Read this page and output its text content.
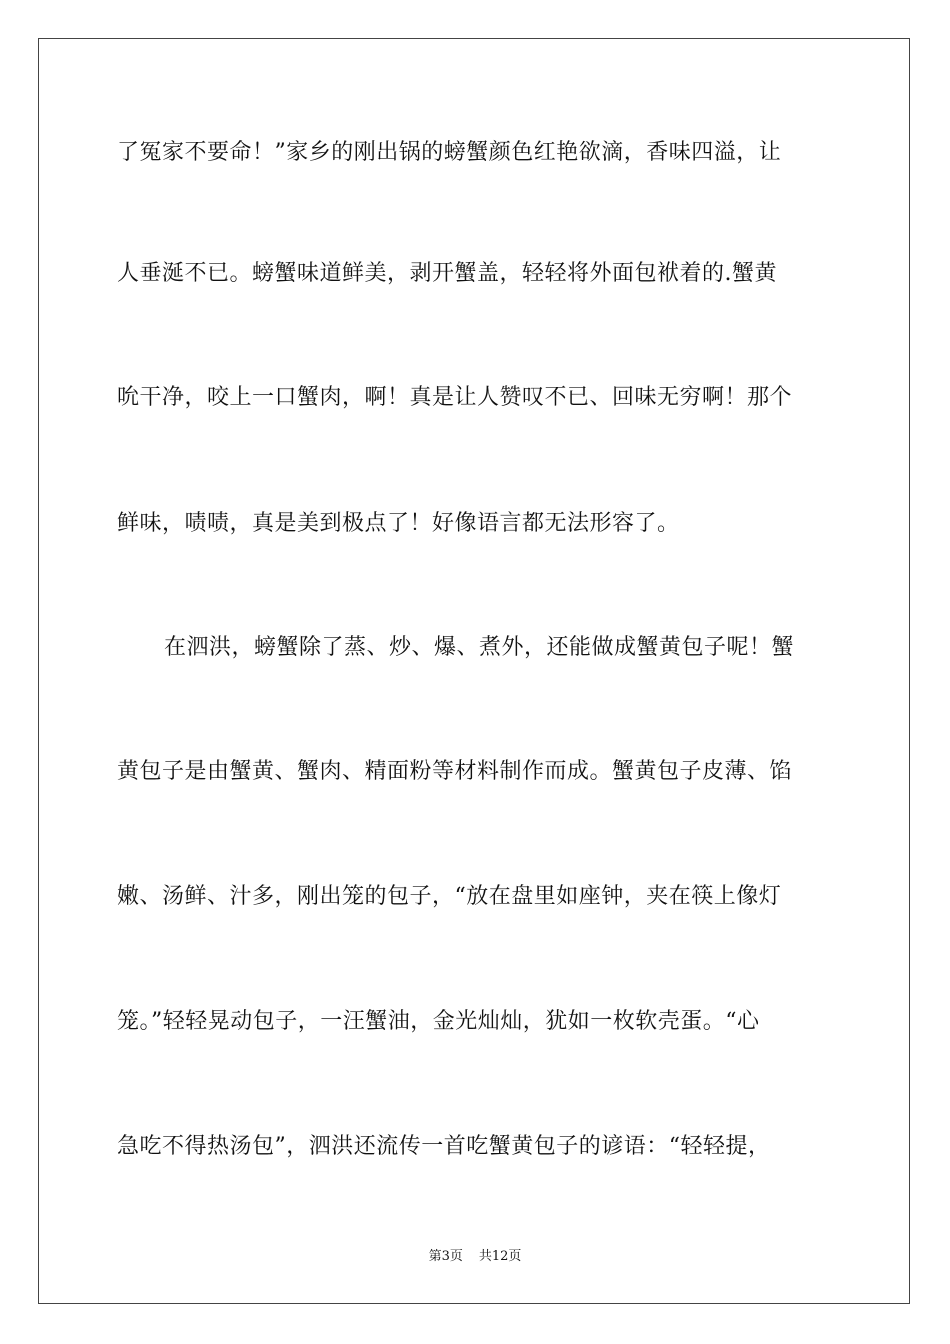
了冤家不要命！”家乡的刚出锅的螃蟹颜色红艳欲滴，香味四溢，让
人垂涎不已。螃蟹味道鲜美，剥开蟹盖，轻轻将外面包袱着的.蟹黄
吮干净，咬上一口蟹肉，啊！真是让人赞叹不已、回味无穷啊！那个
鲜味，啧啧，真是美到极点了！好像语言都无法形容了。
在泗洪，螃蟹除了蒸、炒、爆、煮外，还能做成蟹黄包子呢！蟹
黄包子是由蟹黄、蟹肉、精面粉等材料制作而成。蟹黄包子皮薄、馅
嫩、汤鲜、汁多，刚出笼的包子，“放在盘里如座钟，夹在筷上像灯
笼。”轻轻晃动包子，一汪蟹油，金光灿灿，犹如一枚软壳蛋。“心
急吃不得热汤包”，泗洪还流传一首吃蟹黄包子的谚语：“轻轻提，
第3页 共12页
